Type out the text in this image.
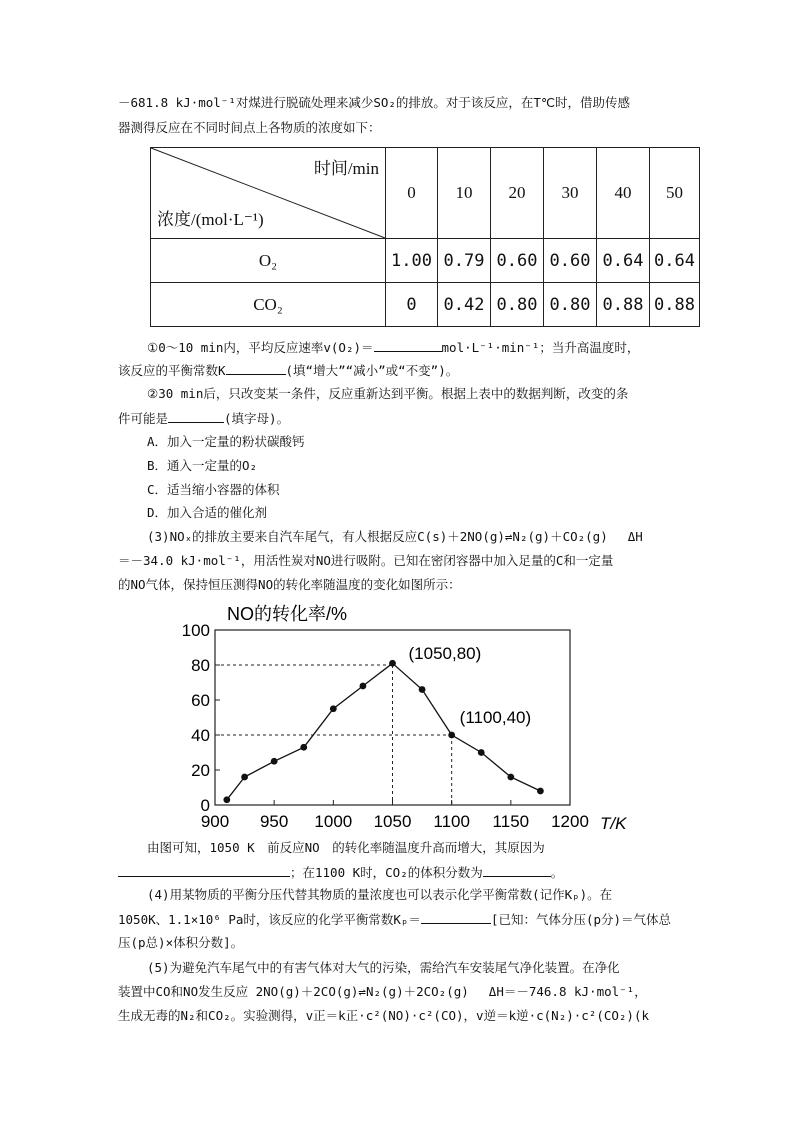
－681.8 kJ·mol⁻¹对煤进行脱硫处理来减少SO₂的排放。对于该反应，在T℃时，借助传感
器测得反应在不同时间点上各物质的浓度如下：
时间/min
浓度/(mol·L⁻¹)	0	10	20	30	40	50
O₂	1.00	0.79	0.60	0.60	0.64	0.64
CO₂	0	0.42	0.80	0.80	0.88	0.88
①0～10 min内，平均反应速率v(O₂)＝	mol·L⁻¹·min⁻¹；当升高温度时，
该反应的平衡常数K	(填“增大”“减小”或“不变”)。
②30 min后，只改变某一条件，反应重新达到平衡。根据上表中的数据判断，改变的条
件可能是	(填字母)。
A．加入一定量的粉状碳酸钙
B．通入一定量的O₂
C．适当缩小容器的体积
D．加入合适的催化剂
(3)NOₓ的排放主要来自汽车尾气，有人根据反应C(s)＋2NO(g)⇌N₂(g)＋CO₂(g)　 ΔH
＝－34.0 kJ·mol⁻¹，用活性炭对NO进行吸附。已知在密闭容器中加入足量的C和一定量
的NO气体，保持恒压测得NO的转化率随温度的变化如图所示：
900 950 1000 1050 1100 1150 1200
0
20
40
60
80
100
NO的转化率/%
T/K
(1050,80)
(1100,40)
由图可知，1050 K　前反应NO　的转化率随温度升高而增大，其原因为
；在1100 K时，CO₂的体积分数为	。
(4)用某物质的平衡分压代替其物质的量浓度也可以表示化学平衡常数(记作Kₚ)。在
1050K、1.1×10⁶ Pa时，该反应的化学平衡常数Kₚ＝	[已知：气体分压(p分)＝气体总
压(p总)×体积分数]。
(5)为避免汽车尾气中的有害气体对大气的污染，需给汽车安装尾气净化装置。在净化
装置中CO和NO发生反应 2NO(g)＋2CO(g)⇌N₂(g)＋2CO₂(g)　 ΔH＝－746.8 kJ·mol⁻¹，
生成无毒的N₂和CO₂。实验测得，v正＝k正·c²(NO)·c²(CO)，v逆＝k逆·c(N₂)·c²(CO₂)(k
